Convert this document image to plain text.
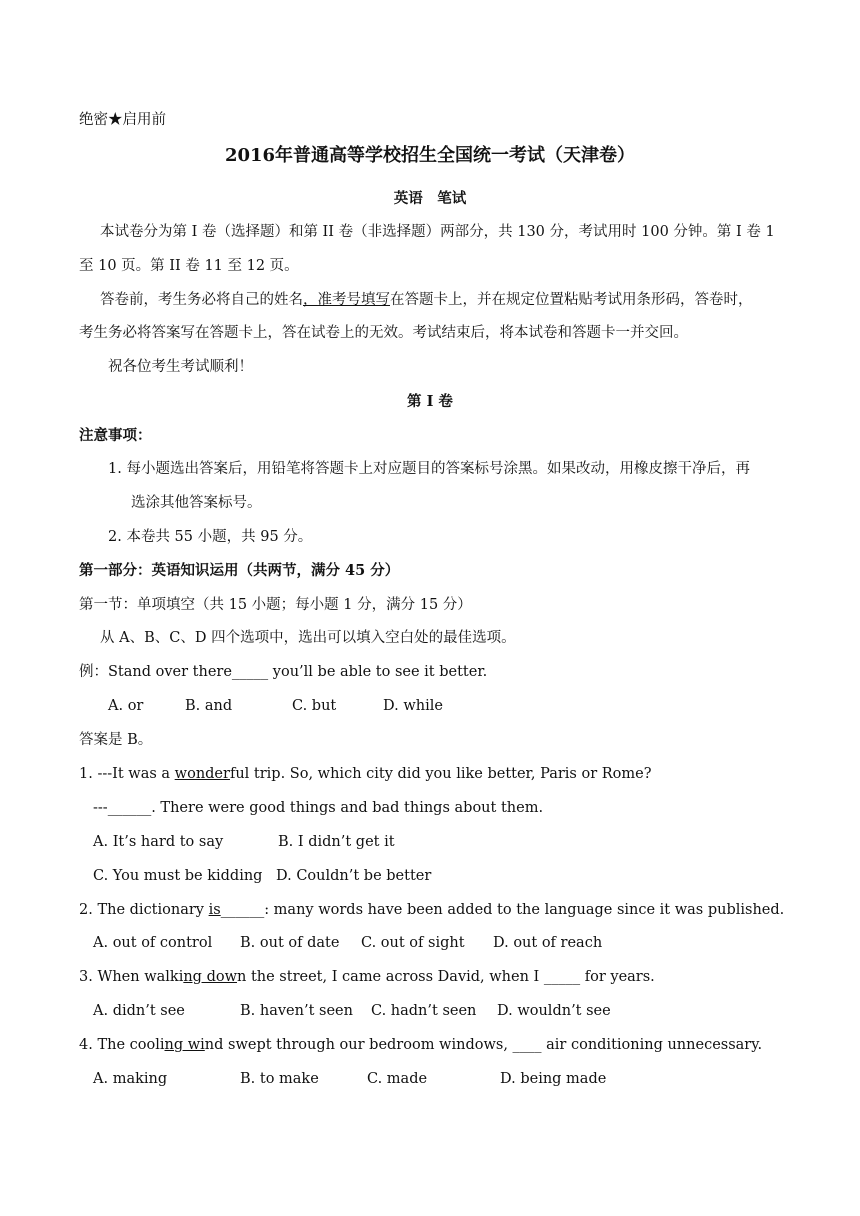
绝密★启用前
2016年普通高等学校招生全国统一考试（天津卷）
英语　笔试
本试卷分为第 I 卷（选择题）和第 II 卷（非选择题）两部分，共 130 分，考试用时 100 分钟。第 I 卷 1
至 10 页。第 II 卷 11 至 12 页。
答卷前，考生务必将自己的姓名，准考号填写在答题卡上，并在规定位置粘贴考试用条形码，答卷时，
考生务必将答案写在答题卡上，答在试卷上的无效。考试结束后，将本试卷和答题卡一并交回。
祝各位考生考试顺利！
第 I 卷
注意事项：
1. 每小题选出答案后，用铅笔将答题卡上对应题目的答案标号涂黑。如果改动，用橡皮擦干净后，再
选涂其他答案标号。
2. 本卷共 55 小题，共 95 分。
第一部分：英语知识运用（共两节，满分 45 分）
第一节：单项填空（共 15 小题；每小题 1 分，满分 15 分）
从 A、B、C、D 四个选项中，选出可以填入空白处的最佳选项。
例：Stand over there_____ you’ll be able to see it better.
A. or	B. and	C. but	D. while
答案是 B。
1. ---It was a wonderful trip. So, which city did you like better, Paris or Rome?
---______. There were good things and bad things about them.
A. It’s hard to say	B. I didn’t get it
C. You must be kidding D. Couldn’t be better
2. The dictionary is______: many words have been added to the language since it was published.
A. out of control B. out of date C. out of sight D. out of reach
3. When walking down the street, I came across David, when I _____ for years.
A. didn’t see	B. haven’t seen C. hadn’t seen D. wouldn’t see
4. The cooling wind swept through our bedroom windows, ____ air conditioning unnecessary.
A. making	B. to make	C. made	D. being made
